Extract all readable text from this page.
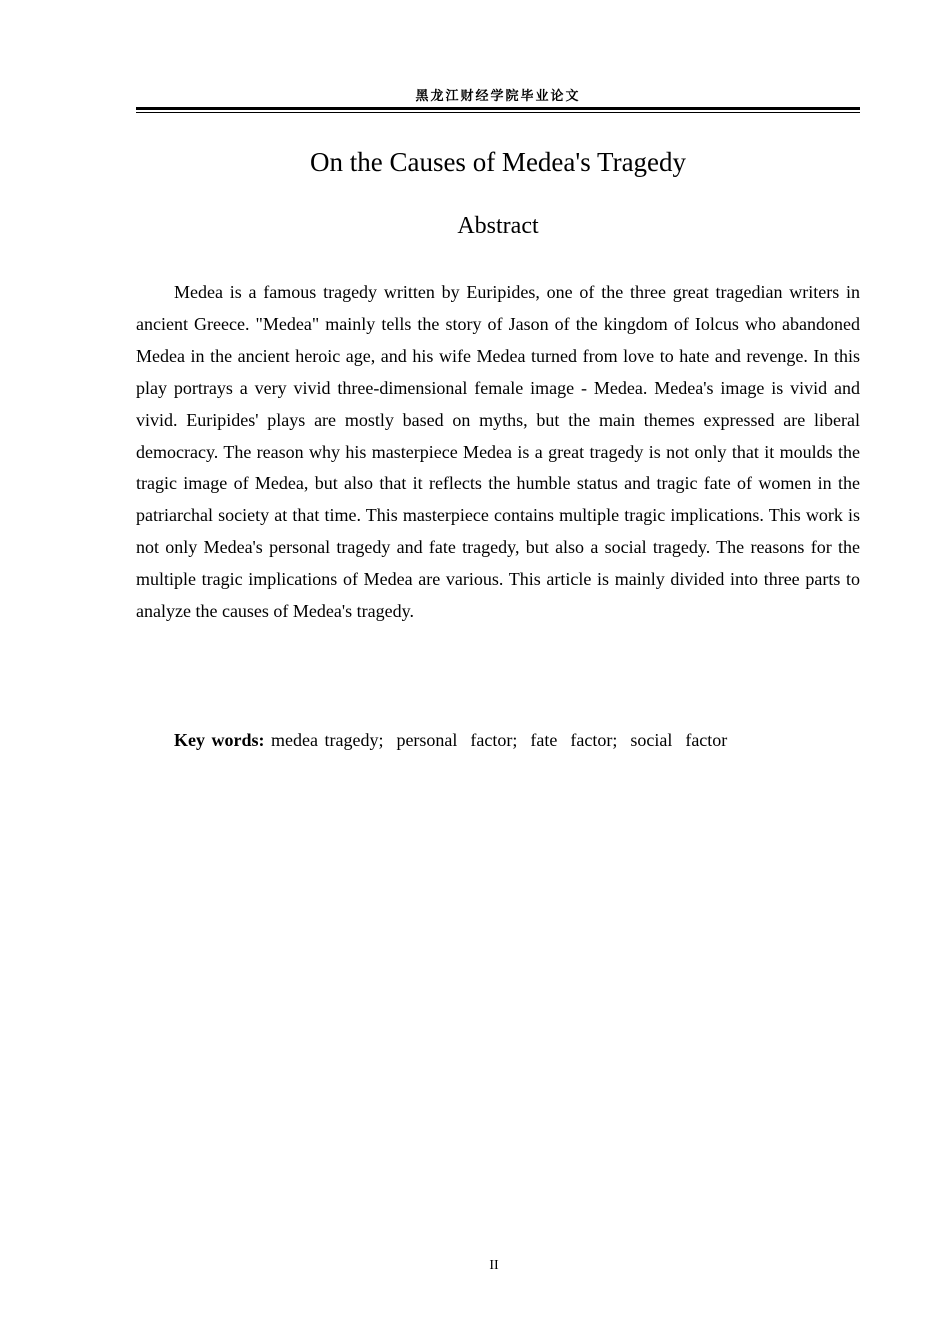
黑龙江财经学院毕业论文
On the Causes of Medea's Tragedy
Abstract

Medea is a famous tragedy written by Euripides, one of the three great tragedian writers in ancient Greece. "Medea" mainly tells the story of Jason of the kingdom of Iolcus who abandoned Medea in the ancient heroic age, and his wife Medea turned from love to hate and revenge. In this play portrays a very vivid three-dimensional female image - Medea. Medea's image is vivid and vivid. Euripides' plays are mostly based on myths, but the main themes expressed are liberal democracy. The reason why his masterpiece Medea is a great tragedy is not only that it moulds the tragic image of Medea, but also that it reflects the humble status and tragic fate of women in the patriarchal society at that time. This masterpiece contains multiple tragic implications. This work is not only Medea's personal tragedy and fate tragedy, but also a social tragedy. The reasons for the multiple tragic implications of Medea are various. This article is mainly divided into three parts to analyze the causes of Medea's tragedy.

Key words: medea tragedy;  personal  factor;  fate  factor;  social  factor
II
